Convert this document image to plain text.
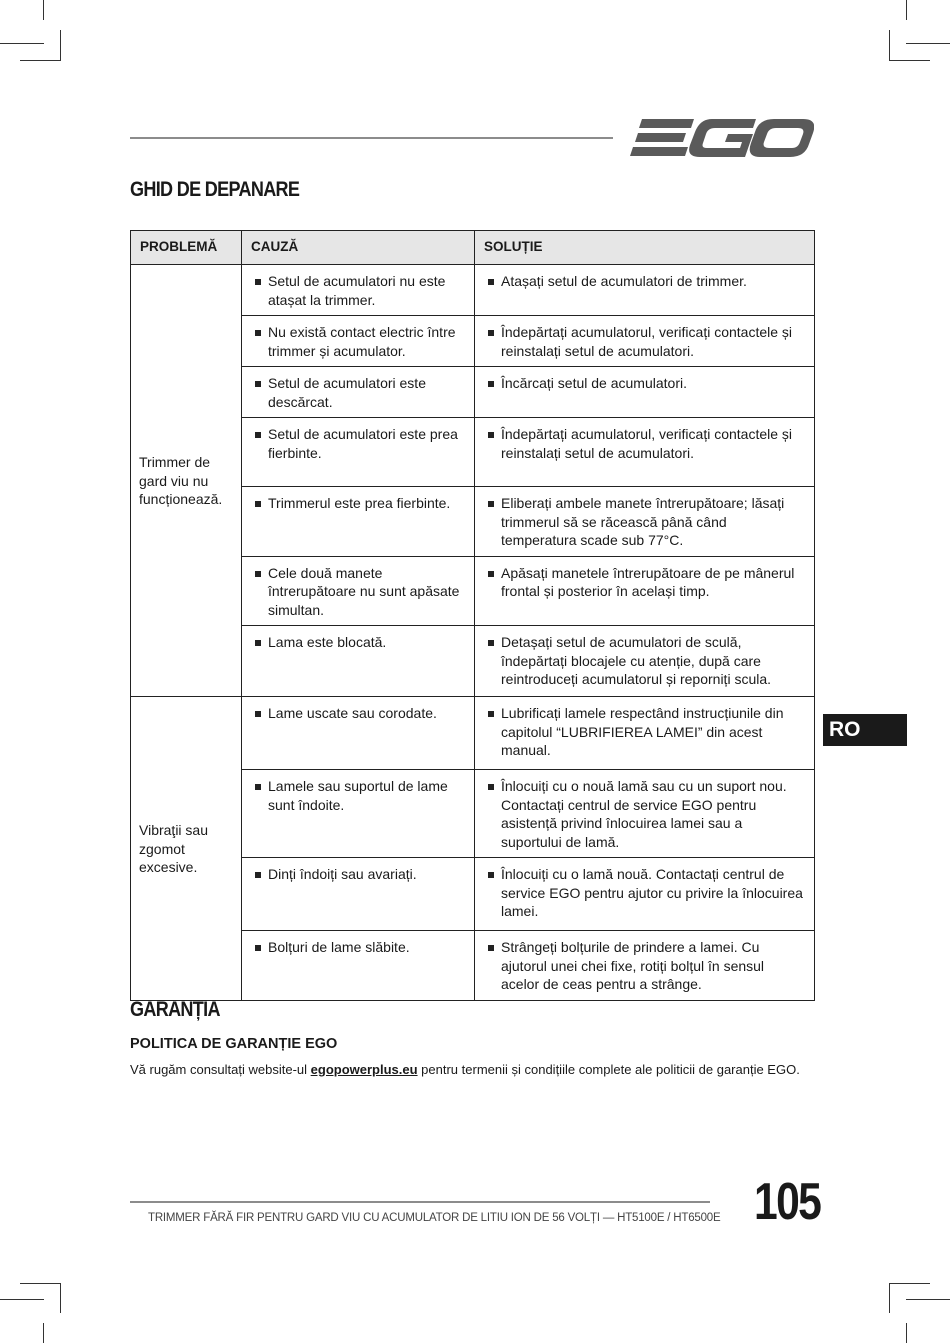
GHID DE DEPANARE
PROBLEMĂ	CAUZĂ	SOLUȚIE
Trimmer de gard viu nu funcționează.	Setul de acumulatori nu este atașat la trimmer.	Atașați setul de acumulatori de trimmer.

	Nu există contact electric între trimmer și acumulator.	Îndepărtați acumulatorul, verificați contactele și reinstalați setul de acumulatori.

	Setul de acumulatori este descărcat.	Încărcați setul de acumulatori.

	Setul de acumulatori este prea fierbinte.	Îndepărtați acumulatorul, verificați contactele și reinstalați setul de acumulatori.

	Trimmerul este prea fierbinte.	Eliberați ambele manete întrerupătoare; lăsați trimmerul să se răcească până când temperatura scade sub 77°C.

	Cele două manete întrerupătoare nu sunt apăsate simultan.	Apăsați manetele întrerupătoare de pe mânerul frontal și posterior în același timp.

	Lama este blocată.	Detașați setul de acumulatori de sculă, îndepărtați blocajele cu atenție, după care reintroduceți acumulatorul și reporniți scula.

Vibraţii sau zgomot excesive.	Lame uscate sau corodate.	Lubrificați lamele respectând instrucțiunile din capitolul “LUBRIFIEREA LAMEI” din acest manual.

	Lamele sau suportul de lame sunt îndoite.	Înlocuiți cu o nouă lamă sau cu un suport nou. Contactați centrul de service EGO pentru asistență privind înlocuirea lamei sau a suportului de lamă.

	Dinți îndoiți sau avariați.	Înlocuiți cu o lamă nouă. Contactați centrul de service EGO pentru ajutor cu privire la înlocuirea lamei.

	Bolțuri de lame slăbite.	Strângeți bolțurile de prindere a lamei. Cu ajutorul unei chei fixe, rotiți bolțul în sensul acelor de ceas pentru a strânge.
RO
GARANȚIA
POLITICA DE GARANȚIE EGO
Vă rugăm consultați website-ul egopowerplus.eu pentru termenii și condițiile complete ale politicii de garanție EGO.
TRIMMER FĂRĂ FIR PENTRU GARD VIU CU ACUMULATOR DE LITIU ION DE 56 VOLȚI — HT5100E / HT6500E 105
